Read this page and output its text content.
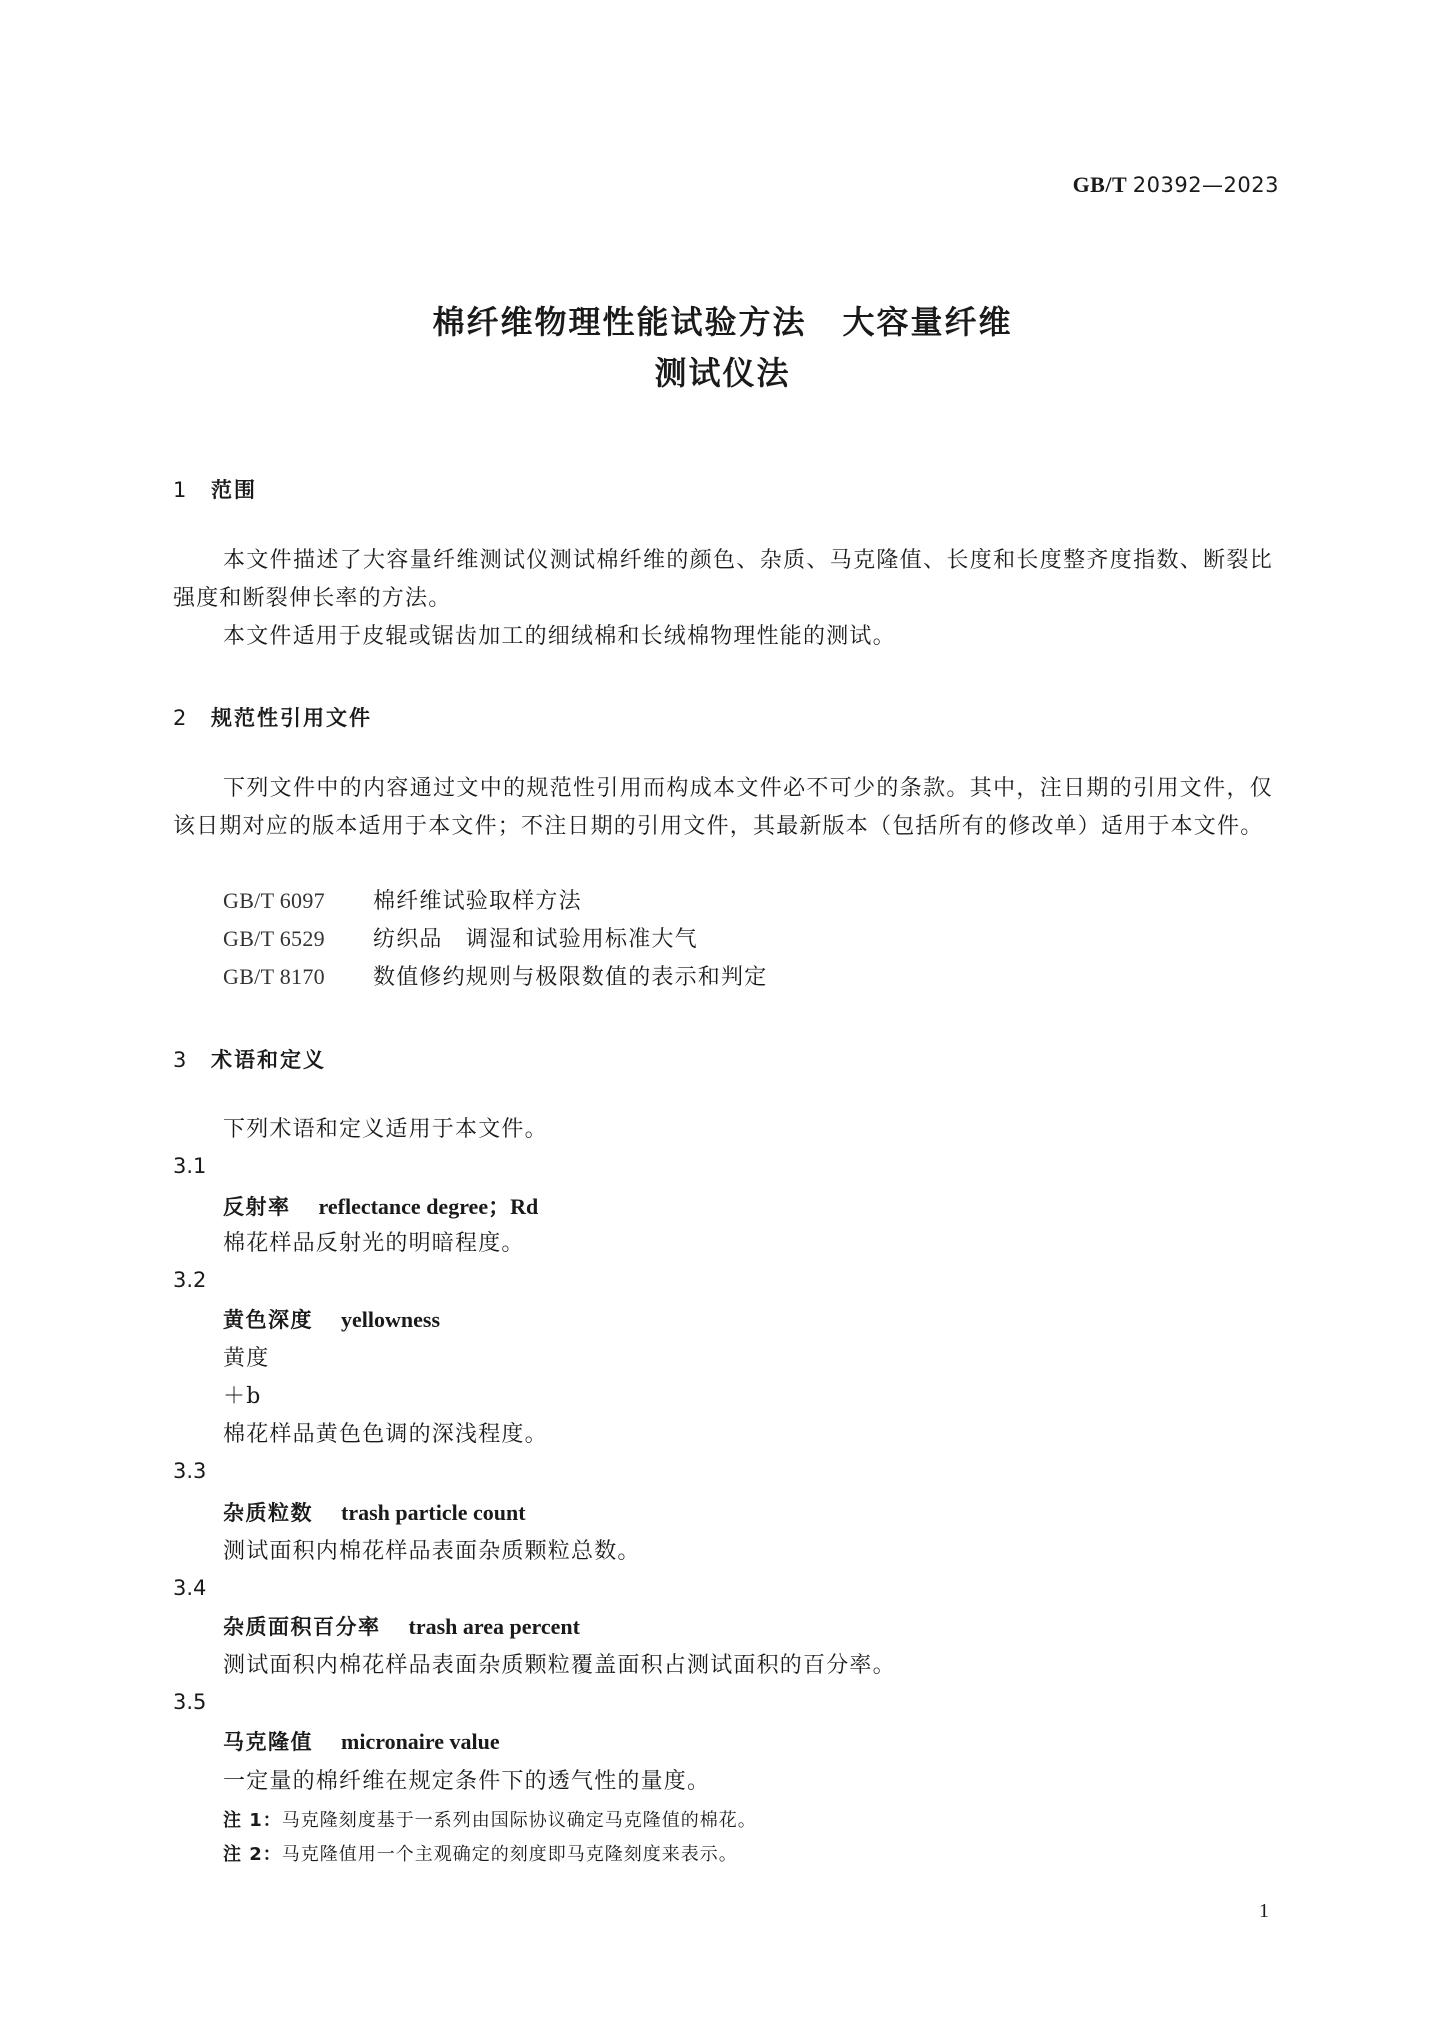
GB/T 20392—2023
棉纤维物理性能试验方法 大容量纤维
测试仪法
1 范围
本文件描述了大容量纤维测试仪测试棉纤维的颜色、杂质、马克隆值、长度和长度整齐度指数、断裂比强度和断裂伸长率的方法。
本文件适用于皮辊或锯齿加工的细绒棉和长绒棉物理性能的测试。
2 规范性引用文件
下列文件中的内容通过文中的规范性引用而构成本文件必不可少的条款。其中，注日期的引用文件，仅该日期对应的版本适用于本文件；不注日期的引用文件，其最新版本（包括所有的修改单）适用于本文件。
GB/T 6097 棉纤维试验取样方法
GB/T 6529 纺织品　调湿和试验用标准大气
GB/T 8170 数值修约规则与极限数值的表示和判定
3 术语和定义
下列术语和定义适用于本文件。
3.1
反射率 reflectance degree；Rd
棉花样品反射光的明暗程度。
3.2
黄色深度 yellowness
黄度
＋b
棉花样品黄色色调的深浅程度。
3.3
杂质粒数 trash particle count
测试面积内棉花样品表面杂质颗粒总数。
3.4
杂质面积百分率 trash area percent
测试面积内棉花样品表面杂质颗粒覆盖面积占测试面积的百分率。
3.5
马克隆值 micronaire value
一定量的棉纤维在规定条件下的透气性的量度。
注 1：马克隆刻度基于一系列由国际协议确定马克隆值的棉花。
注 2：马克隆值用一个主观确定的刻度即马克隆刻度来表示。
1
